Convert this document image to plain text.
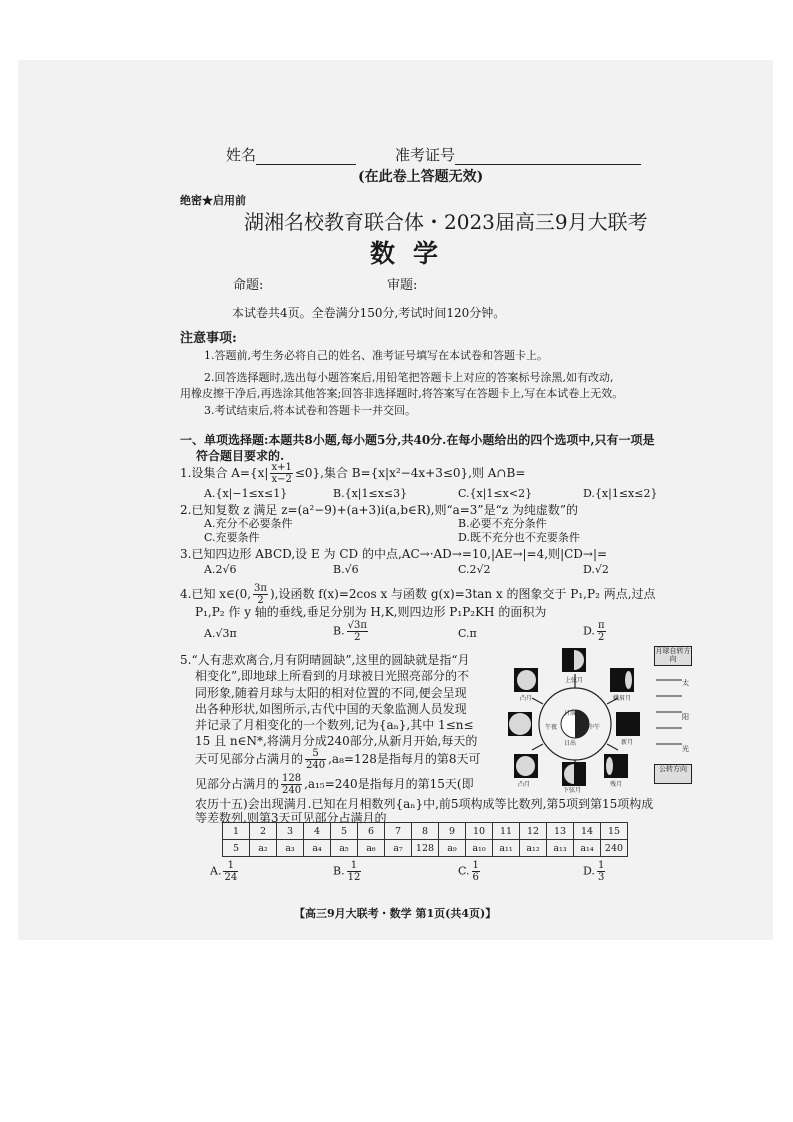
姓名	准考证号
(在此卷上答题无效)
绝密★启用前
湖湘名校教育联合体・2023届高三9月大联考
数学
命题:	审题:
本试卷共4页。全卷满分150分,考试时间120分钟。
注意事项:
1.答题前,考生务必将自己的姓名、准考证号填写在本试卷和答题卡上。
2.回答选择题时,选出每小题答案后,用铅笔把答题卡上对应的答案标号涂黑,如有改动,
用橡皮擦干净后,再选涂其他答案;回答非选择题时,将答案写在答题卡上,写在本试卷上无效。
3.考试结束后,将本试卷和答题卡一并交回。
一、单项选择题:本题共8小题,每小题5分,共40分.在每小题给出的四个选项中,只有一项是
符合题目要求的.
1.设集合 $A=\{x| \frac{x+1}{x-2} \le 0\}$,集合 B={x|x²−4x+3≤0},则 A∩B=
A.{x|−1≤x≤1}	B.{x|1≤x≤3}	C.{x|1≤x<2}	D.{x|1≤x≤2}
2.已知复数 z 满足 z=(a²−9)+(a+3)i(a,b∈R),则“a=3”是“z 为纯虚数”的
A.充分不必要条件	B.必要不充分条件
C.充要条件	D.既不充分也不充要条件
3.已知四边形 ABCD,设 E 为 CD 的中点,AC→·AD→=10,|AE→|=4,则|CD→|=
A.2√6	B.√6	C.2√2	D.√2
4.已知 x∈(0, $\frac{3\pi}{2}$ ),设函数 f(x)=2cos x 与函数 g(x)=3tan x 的图象交于 P₁,P₂ 两点,过点
P₁,P₂ 作 y 轴的垂线,垂足分别为 H,K,则四边形 P₁P₂KH 的面积为
A.√3π	B. $\frac{√3\pi}{2}$	C.π	D. $\frac{\pi}{2}$
5.“人有悲欢离合,月有阴晴圆缺”,这里的圆缺就是指“月
相变化”,即地球上所看到的月球被日光照亮部分的不
同形象,随着月球与太阳的相对位置的不同,便会呈现
出各种形状,如图所示,古代中国的天象监测人员发现
并记录了月相变化的一个数列,记为{aₙ},其中 1≤n≤
15 且 n∈N*,将满月分成240部分,从新月开始,每天的
天可见部分占满月的 $\frac{5}{240} ,a_8=128$是指每月的第8天可
见部分占满月的 $\frac{128}{240} ,a_{15}=240$是指每月的第15天(即
农历十五)会出现满月.已知在月相数列{aₙ}中,前5项构成等比数列,第5项到第15项构成
等差数列,则第3天可见部分占满月的
上弦月
凸月	娥眉月
新月
凸月	残月
下弦月
日落
日出
午夜	中午
月球自转方向
太
阳
光
公转方向
1	2	3	4	5	6	7	8	9	10	11	12	13	14	15
5	a₂	a₃	a₄	a₅	a₆	a₇	128	a₉	a₁₀	a₁₁	a₁₂	a₁₃	a₁₄	240
A. $\frac{1}{24}$	B. $\frac{1}{12}$	C. $\frac{1}{6}$	D. $\frac{1}{3}$
【高三9月大联考・数学 第1页(共4页)】
